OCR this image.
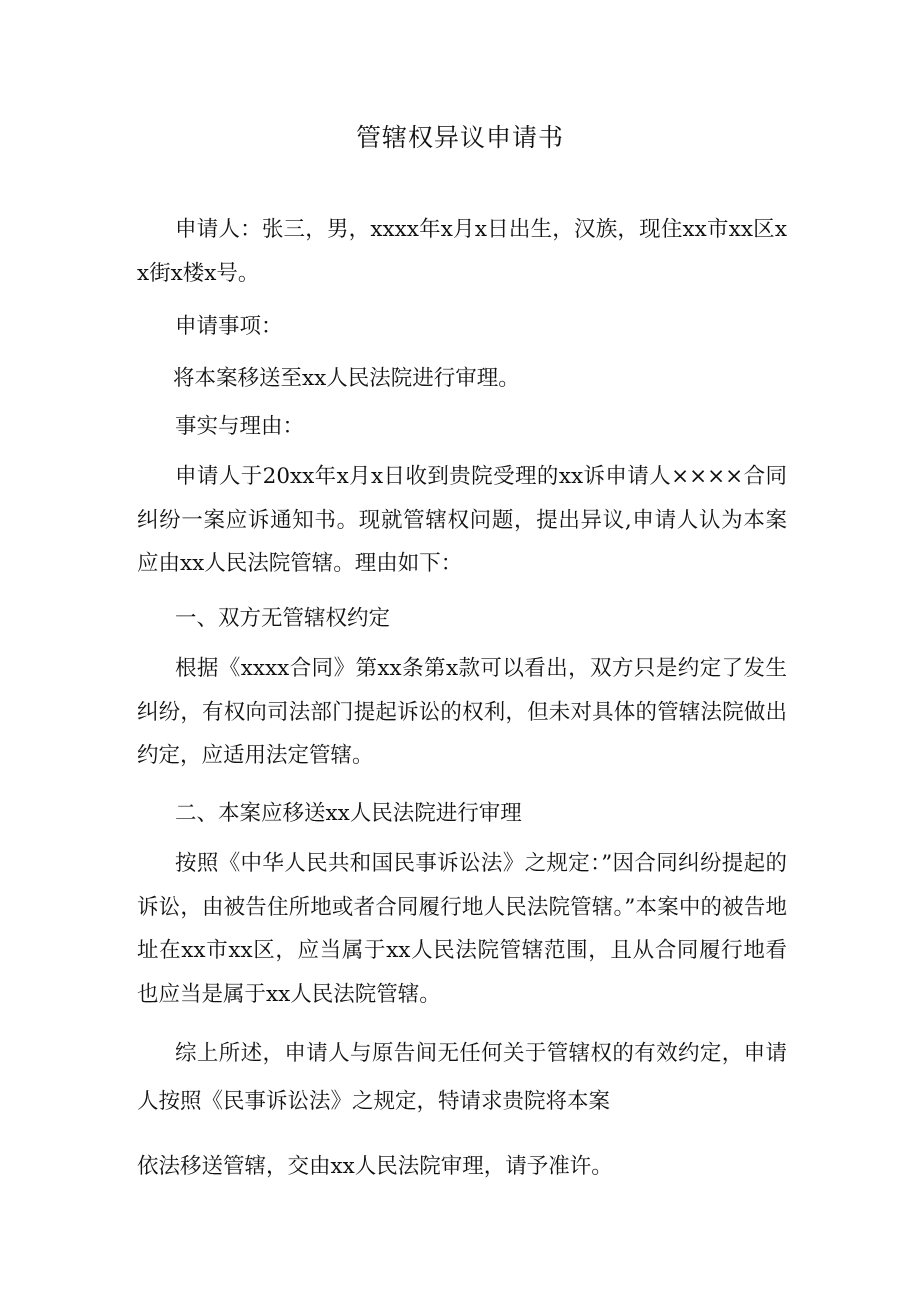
管辖权异议申请书

申请人：张三，男，xxxx年x月x日出生，汉族，现住xx市xx区xx街x楼x号。

申请事项：

将本案移送至xx人民法院进行审理。

事实与理由：

申请人于20xx年x月x日收到贵院受理的xx诉申请人××××合同纠纷一案应诉通知书。现就管辖权问题，提出异议,申请人认为本案应由xx人民法院管辖。理由如下：

一、双方无管辖权约定

根据《xxxx合同》第xx条第x款可以看出，双方只是约定了发生纠纷，有权向司法部门提起诉讼的权利，但未对具体的管辖法院做出约定，应适用法定管辖。

二、本案应移送xx人民法院进行审理

按照《中华人民共和国民事诉讼法》之规定：”因合同纠纷提起的诉讼，由被告住所地或者合同履行地人民法院管辖。”本案中的被告地址在xx市xx区，应当属于xx人民法院管辖范围，且从合同履行地看也应当是属于xx人民法院管辖。

综上所述，申请人与原告间无任何关于管辖权的有效约定，申请人按照《民事诉讼法》之规定，特请求贵院将本案

依法移送管辖，交由xx人民法院审理，请予准许。
